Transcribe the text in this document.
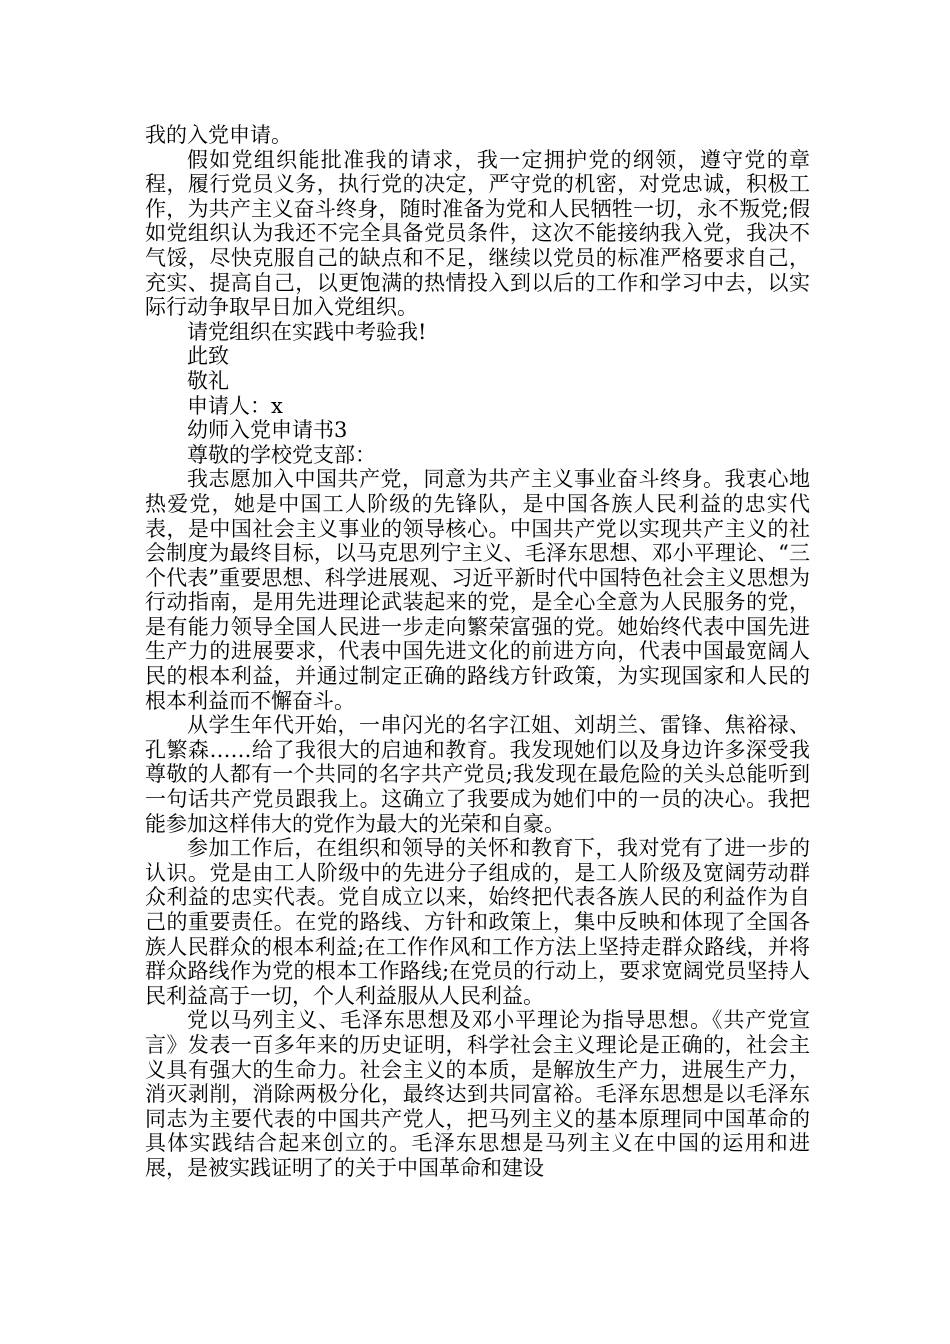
我的入党申请。

假如党组织能批准我的请求，我一定拥护党的纲领，遵守党的章程，履行党员义务，执行党的决定，严守党的机密，对党忠诚，积极工作，为共产主义奋斗终身，随时准备为党和人民牺牲一切，永不叛党;假如党组织认为我还不完全具备党员条件，这次不能接纳我入党，我决不气馁，尽快克服自己的缺点和不足，继续以党员的标准严格要求自己，充实、提高自己，以更饱满的热情投入到以后的工作和学习中去，以实际行动争取早日加入党组织。

请党组织在实践中考验我!

此致

敬礼

申请人：x

幼师入党申请书3

尊敬的学校党支部：

我志愿加入中国共产党，同意为共产主义事业奋斗终身。我衷心地热爱党，她是中国工人阶级的先锋队，是中国各族人民利益的忠实代表，是中国社会主义事业的领导核心。中国共产党以实现共产主义的社会制度为最终目标，以马克思列宁主义、毛泽东思想、邓小平理论、“三个代表”重要思想、科学进展观、习近平新时代中国特色社会主义思想为行动指南，是用先进理论武装起来的党，是全心全意为人民服务的党，是有能力领导全国人民进一步走向繁荣富强的党。她始终代表中国先进生产力的进展要求，代表中国先进文化的前进方向，代表中国最宽阔人民的根本利益，并通过制定正确的路线方针政策，为实现国家和人民的根本利益而不懈奋斗。

从学生年代开始，一串闪光的名字江姐、刘胡兰、雷锋、焦裕禄、孔繁森……给了我很大的启迪和教育。我发现她们以及身边许多深受我尊敬的人都有一个共同的名字共产党员;我发现在最危险的关头总能听到一句话共产党员跟我上。这确立了我要成为她们中的一员的决心。我把能参加这样伟大的党作为最大的光荣和自豪。

参加工作后，在组织和领导的关怀和教育下，我对党有了进一步的认识。党是由工人阶级中的先进分子组成的，是工人阶级及宽阔劳动群众利益的忠实代表。党自成立以来，始终把代表各族人民的利益作为自己的重要责任。在党的路线、方针和政策上，集中反映和体现了全国各族人民群众的根本利益;在工作作风和工作方法上坚持走群众路线，并将群众路线作为党的根本工作路线;在党员的行动上，要求宽阔党员坚持人民利益高于一切，个人利益服从人民利益。

党以马列主义、毛泽东思想及邓小平理论为指导思想。《共产党宣言》发表一百多年来的历史证明，科学社会主义理论是正确的，社会主义具有强大的生命力。社会主义的本质，是解放生产力，进展生产力，消灭剥削，消除两极分化，最终达到共同富裕。毛泽东思想是以毛泽东同志为主要代表的中国共产党人，把马列主义的基本原理同中国革命的具体实践结合起来创立的。毛泽东思想是马列主义在中国的运用和进展，是被实践证明了的关于中国革命和建设
